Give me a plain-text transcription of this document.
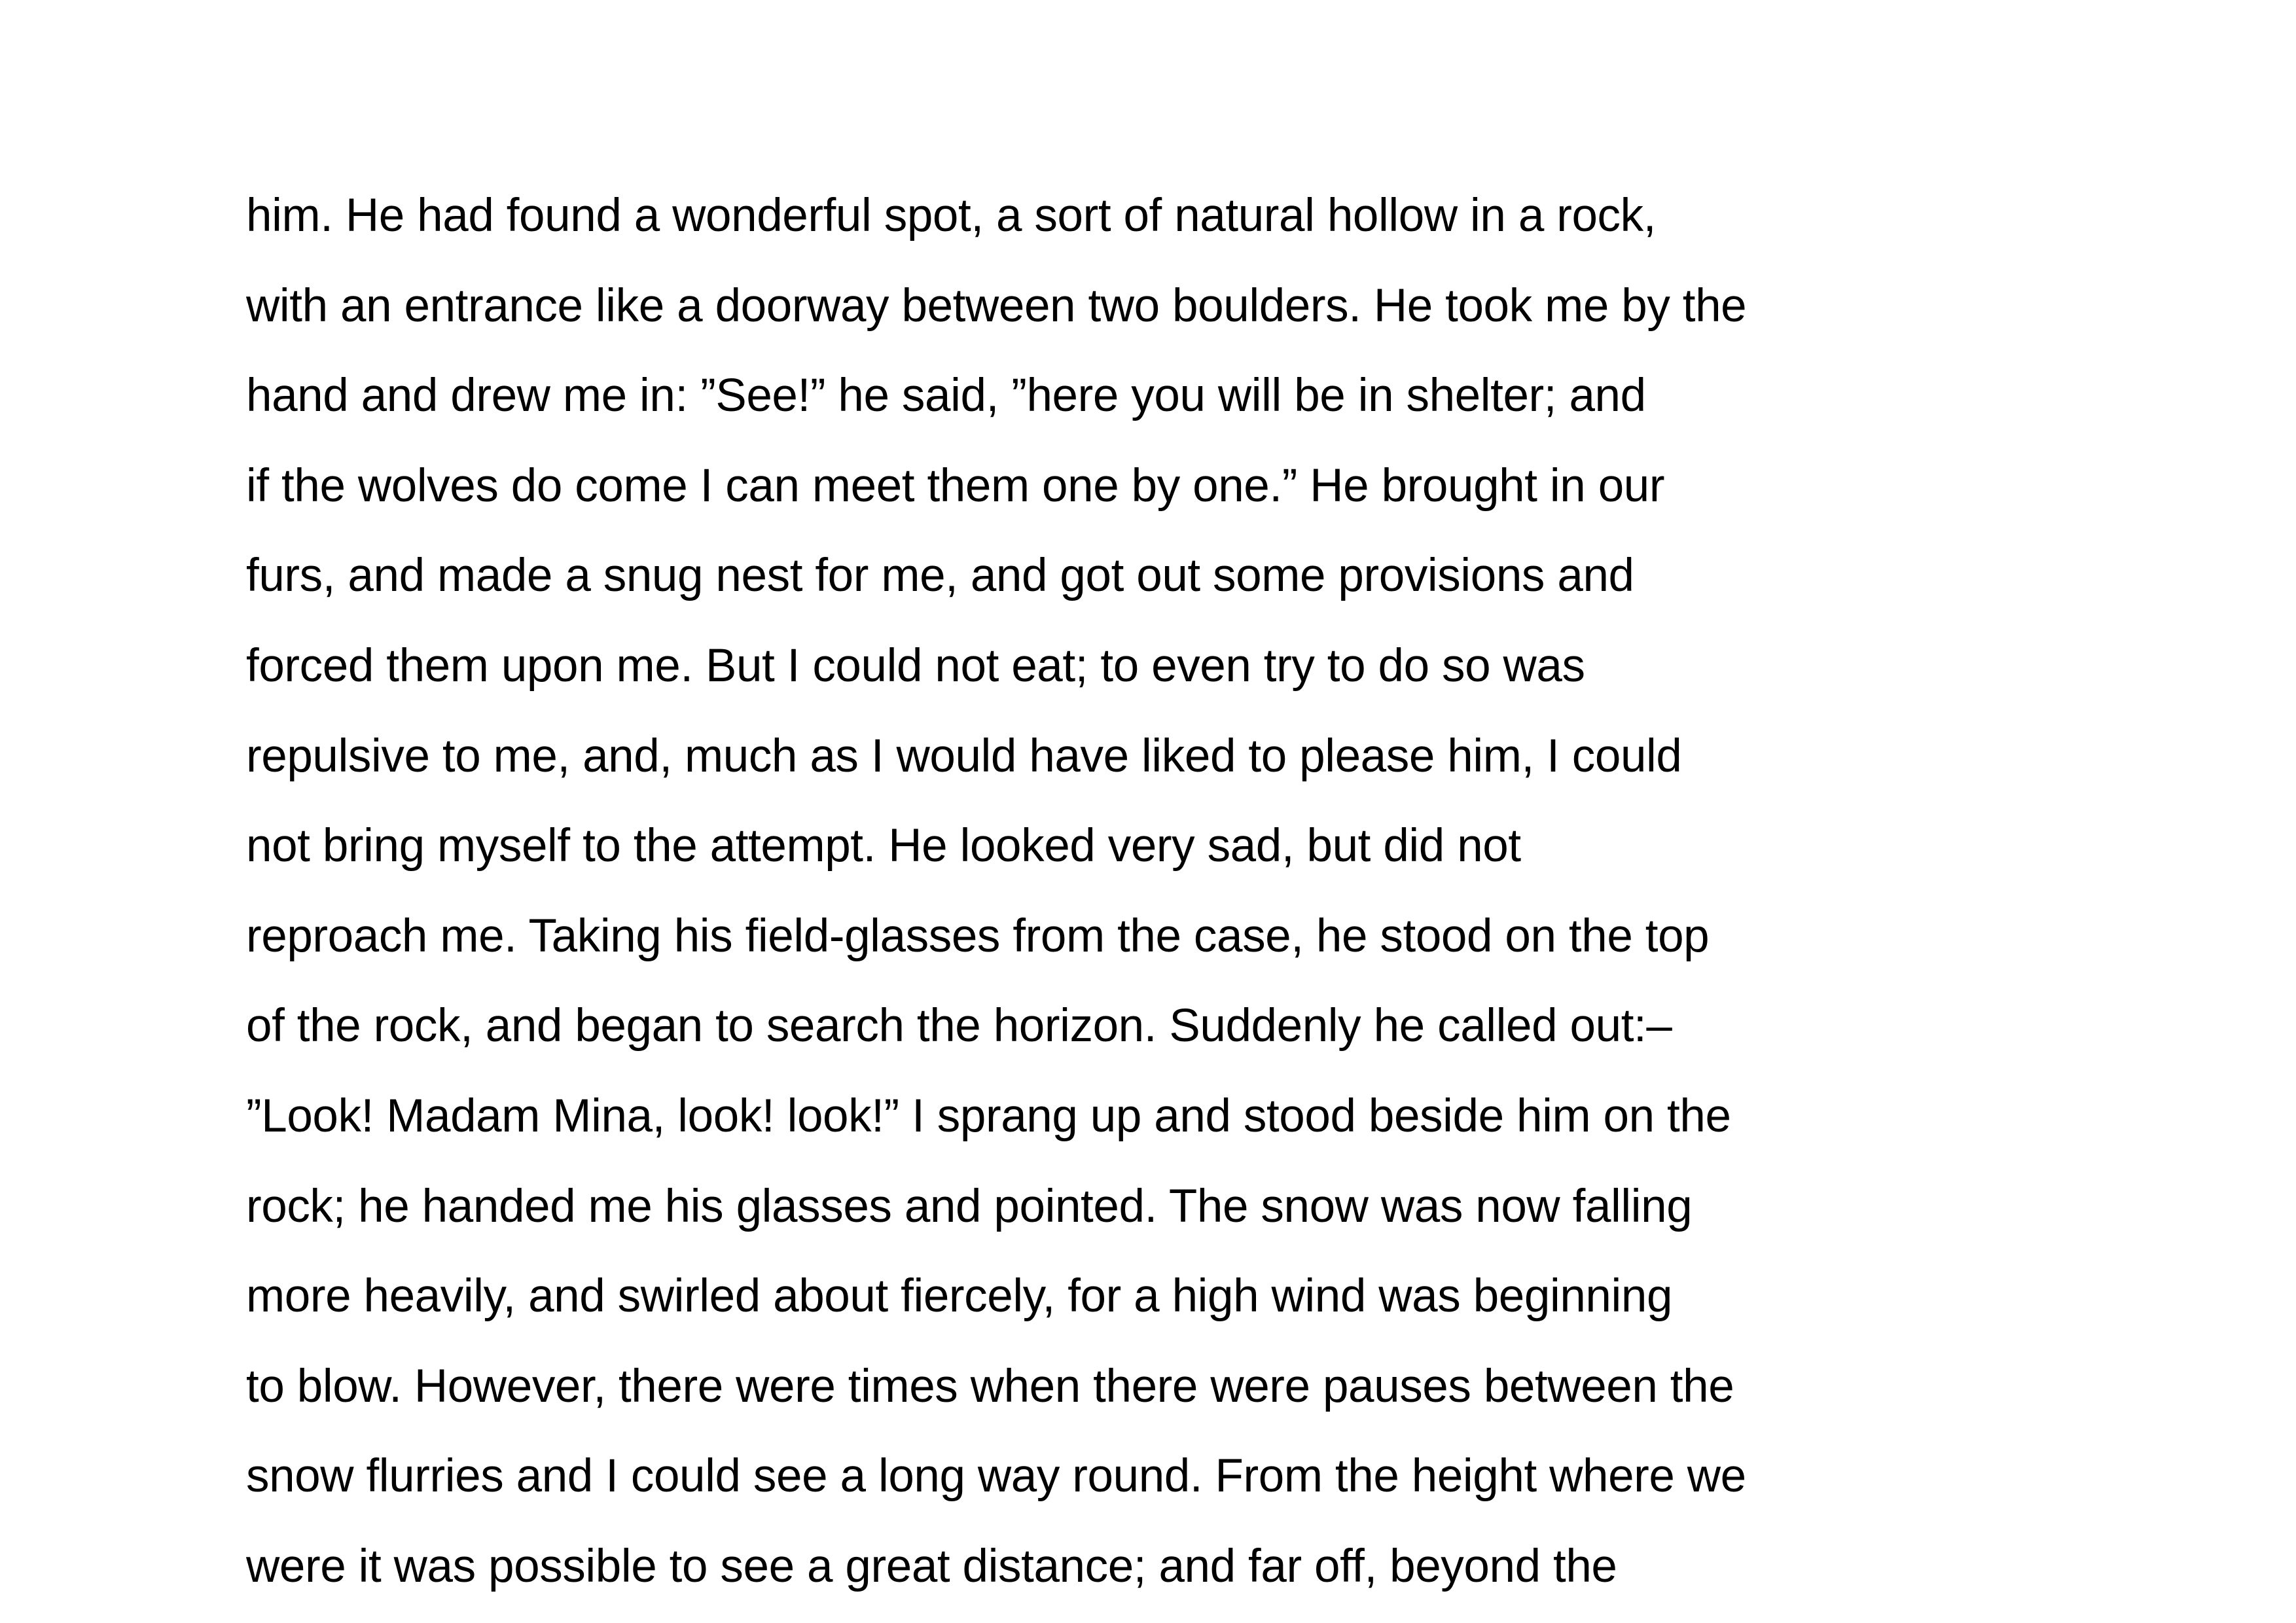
him. He had found a wonderful spot, a sort of natural hollow in a rock,
with an entrance like a doorway between two boulders. He took me by the
hand and drew me in: ”See!” he said, ”here you will be in shelter; and
if the wolves do come I can meet them one by one.” He brought in our
furs, and made a snug nest for me, and got out some provisions and
forced them upon me. But I could not eat; to even try to do so was
repulsive to me, and, much as I would have liked to please him, I could
not bring myself to the attempt. He looked very sad, but did not
reproach me. Taking his field-glasses from the case, he stood on the top
of the rock, and began to search the horizon. Suddenly he called out:–
”Look! Madam Mina, look! look!” I sprang up and stood beside him on the
rock; he handed me his glasses and pointed. The snow was now falling
more heavily, and swirled about fiercely, for a high wind was beginning
to blow. However, there were times when there were pauses between the
snow flurries and I could see a long way round. From the height where we
were it was possible to see a great distance; and far off, beyond the
